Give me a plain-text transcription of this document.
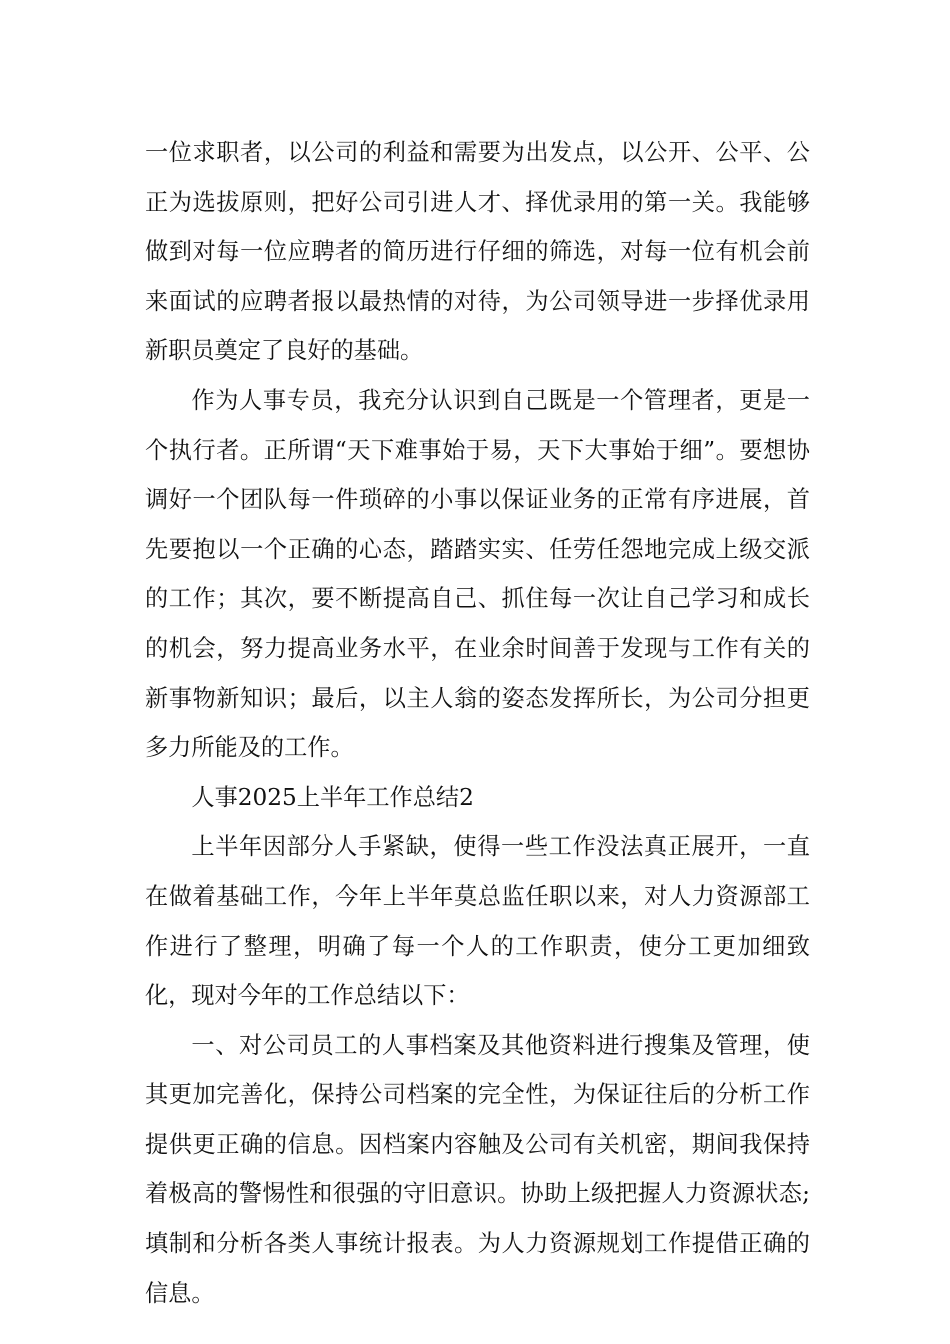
一位求职者，以公司的利益和需要为出发点，以公开、公平、公正为选拔原则，把好公司引进人才、择优录用的第一关。我能够做到对每一位应聘者的简历进行仔细的筛选，对每一位有机会前来面试的应聘者报以最热情的对待，为公司领导进一步择优录用新职员奠定了良好的基础。

作为人事专员，我充分认识到自己既是一个管理者，更是一个执行者。正所谓“天下难事始于易，天下大事始于细”。要想协调好一个团队每一件琐碎的小事以保证业务的正常有序进展，首先要抱以一个正确的心态，踏踏实实、任劳任怨地完成上级交派的工作；其次，要不断提高自己、抓住每一次让自己学习和成长的机会，努力提高业务水平，在业余时间善于发现与工作有关的新事物新知识；最后，以主人翁的姿态发挥所长，为公司分担更多力所能及的工作。

人事2025上半年工作总结2

上半年因部分人手紧缺，使得一些工作没法真正展开，一直在做着基础工作，今年上半年莫总监任职以来，对人力资源部工作进行了整理，明确了每一个人的工作职责，使分工更加细致化，现对今年的工作总结以下：

一、对公司员工的人事档案及其他资料进行搜集及管理，使其更加完善化，保持公司档案的完全性，为保证往后的分析工作提供更正确的信息。因档案内容触及公司有关机密，期间我保持着极高的警惕性和很强的守旧意识。协助上级把握人力资源状态;填制和分析各类人事统计报表。为人力资源规划工作提借正确的信息。
